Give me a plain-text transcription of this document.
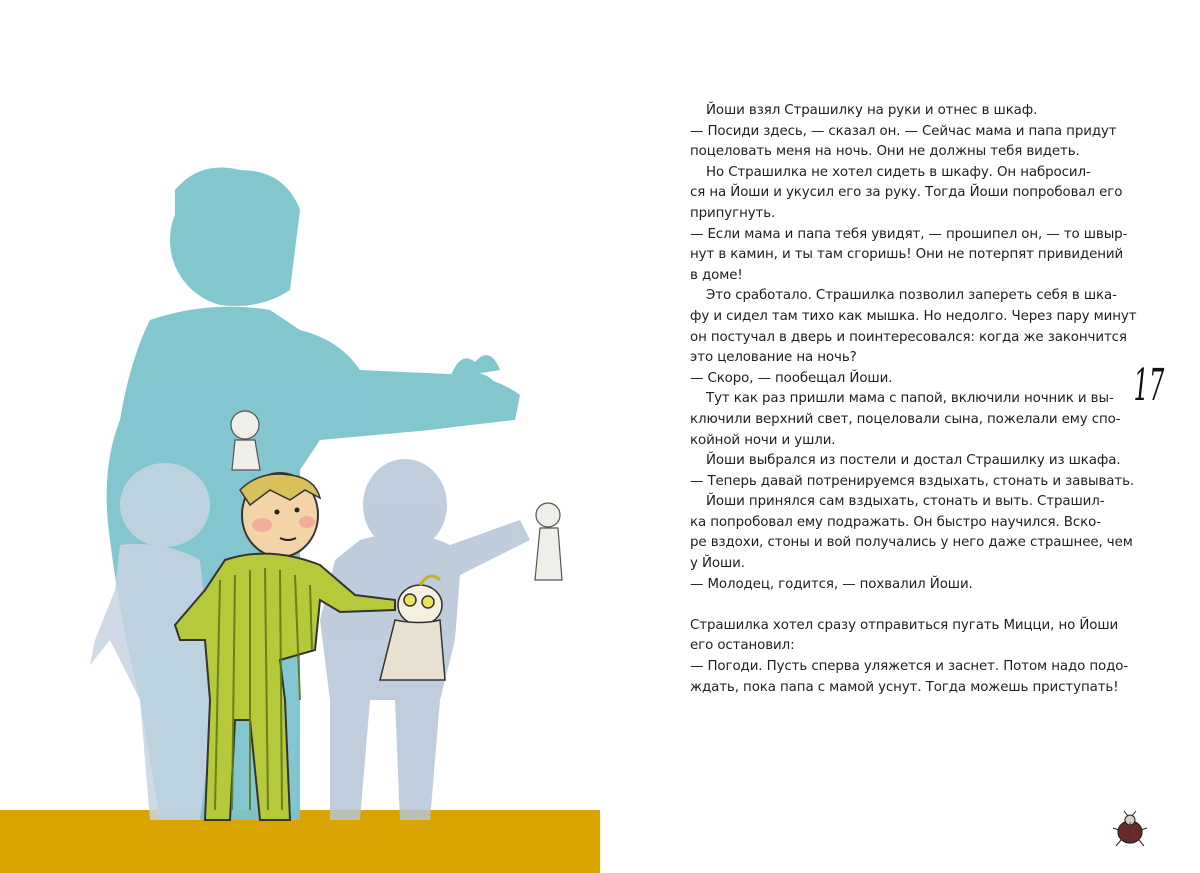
Йоши взял Страшилку на руки и отнес в шкаф.

— Посиди здесь, — сказал он. — Сейчас мама и папа придут

поцеловать меня на ночь. Они не должны тебя видеть.

Но Страшилка не хотел сидеть в шкафу. Он набросил-

ся на Йоши и укусил его за руку. Тогда Йоши попробовал его

припугнуть.

— Если мама и папа тебя увидят, — прошипел он, — то швыр-

нут в камин, и ты там сгоришь! Они не потерпят привидений

в доме!

Это сработало. Страшилка позволил запереть себя в шка-

фу и сидел там тихо как мышка. Но недолго. Через пару минут

он постучал в дверь и поинтересовался: когда же закончится

это целование на ночь?

— Скоро, — пообещал Йоши.

Тут как раз пришли мама с папой, включили ночник и вы-

ключили верхний свет, поцеловали сына, пожелали ему спо-

койной ночи и ушли.

Йоши выбрался из постели и достал Страшилку из шкафа.

— Теперь давай потренируемся вздыхать, стонать и завывать.

Йоши принялся сам вздыхать, стонать и выть. Страшил-

ка попробовал ему подражать. Он быстро научился. Вско-

ре вздохи, стоны и вой получались у него даже страшнее, чем

у Йоши.

— Молодец, годится, — похвалил Йоши.

Страшилка хотел сразу отправиться пугать Мицци, но Йоши

его остановил:

— Погоди. Пусть сперва уляжется и заснет. Потом надо подо-

ждать, пока папа с мамой уснут. Тогда можешь приступать!

17
